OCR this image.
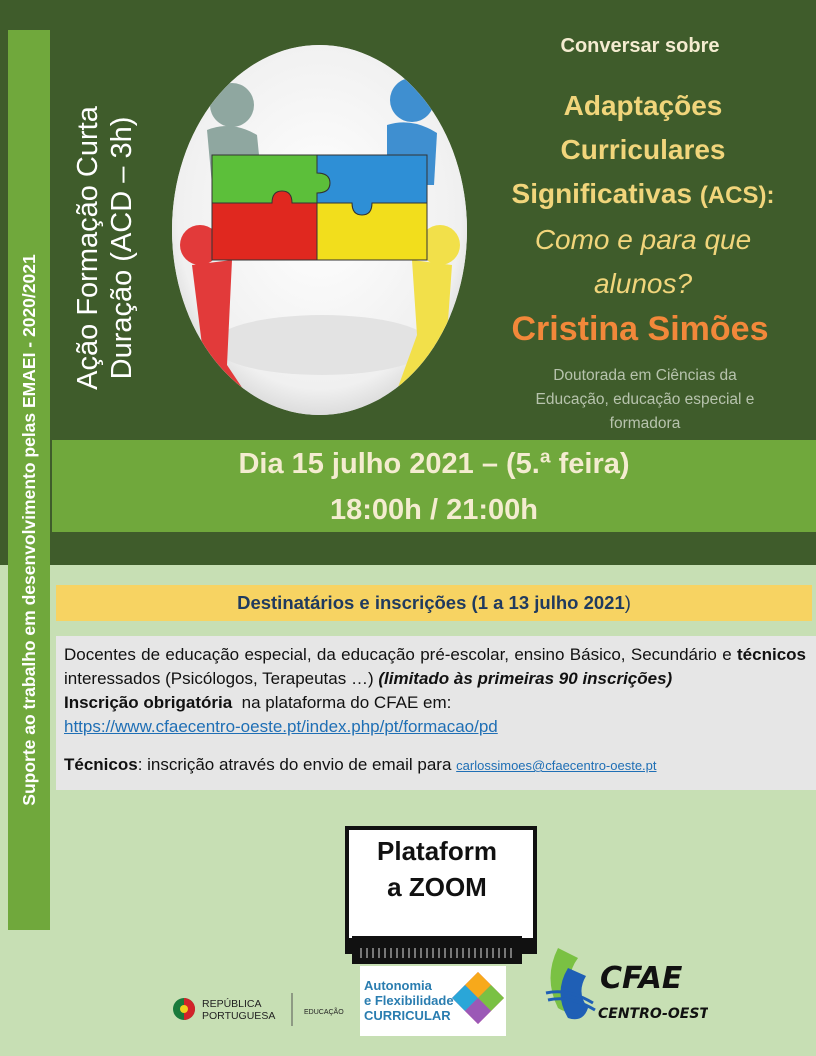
Suporte ao trabalho em desenvolvimento pelas EMAEI - 2020/2021
Ação Formação Curta Duração (ACD – 3h)
Conversar sobre
Adaptações
Curriculares
Significativas (ACS):
Como e para que
alunos?
Cristina Simões
Doutorada em Ciências da
Educação, educação especial e
formadora
Dia 15 julho 2021 – (5.ª feira)
18:00h / 21:00h
Destinatários e inscrições (1 a 13 julho 2021)
Docentes de educação especial, da educação pré-escolar, ensino Básico, Secundário e técnicos interessados (Psicólogos, Terapeutas …) (limitado às primeiras 90 inscrições)
Inscrição obrigatória na plataforma do CFAE em:
https://www.cfaecentro-oeste.pt/index.php/pt/formacao/pd
Técnicos: inscrição através do envio de email para carlossimoes@cfaecentro-oeste.pt
Plataform
a ZOOM
REPÚBLICA
PORTUGUESA	EDUCAÇÃO
Autonomia
e Flexibilidade
CURRICULAR
CFAE
CENTRO-OESTE
